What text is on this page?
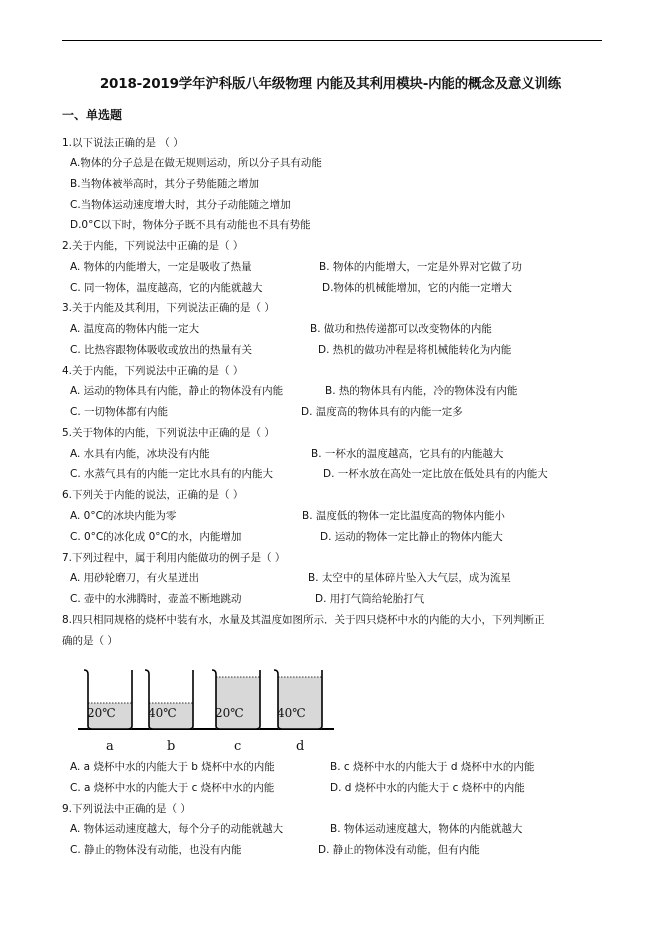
2018-2019学年沪科版八年级物理 内能及其利用模块-内能的概念及意义训练
一、单选题
1.以下说法正确的是 （ ）
A.物体的分子总是在做无规则运动，所以分子具有动能
B.当物体被举高时，其分子势能随之增加
C.当物体运动速度增大时，其分子动能随之增加
D.0°C以下时，物体分子既不具有动能也不具有势能
2.关于内能，下列说法中正确的是（ ）
A. 物体的内能增大，一定是吸收了热量	B. 物体的内能增大，一定是外界对它做了功
C. 同一物体，温度越高，它的内能就越大	D.物体的机械能增加，它的内能一定增大
3.关于内能及其利用，下列说法正确的是（ ）
A. 温度高的物体内能一定大	B. 做功和热传递都可以改变物体的内能
C. 比热容跟物体吸收或放出的热量有关	D. 热机的做功冲程是将机械能转化为内能
4.关于内能，下列说法中正确的是（ ）
A. 运动的物体具有内能，静止的物体没有内能	B. 热的物体具有内能，冷的物体没有内能
C. 一切物体都有内能	D. 温度高的物体具有的内能一定多
5.关于物体的内能，下列说法中正确的是（ ）
A. 水具有内能，冰块没有内能	B. 一杯水的温度越高，它具有的内能越大
C. 水蒸气具有的内能一定比水具有的内能大	D. 一杯水放在高处一定比放在低处具有的内能大
6.下列关于内能的说法，正确的是（ ）
A. 0°C的冰块内能为零	B. 温度低的物体一定比温度高的物体内能小
C. 0°C的冰化成 0°C的水，内能增加	D. 运动的物体一定比静止的物体内能大
7.下列过程中，属于利用内能做功的例子是（ ）
A. 用砂轮磨刀，有火星迸出	B. 太空中的星体碎片坠入大气层，成为流星
C. 壶中的水沸腾时，壶盖不断地跳动	D. 用打气筒给轮胎打气
8.四只相同规格的烧杯中装有水，水量及其温度如图所示．关于四只烧杯中水的内能的大小，下列判断正
确的是（ ）
20℃	40℃	20℃	40℃
a	b	c	d
A. a 烧杯中水的内能大于 b 烧杯中水的内能	B. c 烧杯中水的内能大于 d 烧杯中水的内能
C. a 烧杯中水的内能大于 c 烧杯中水的内能	D. d 烧杯中水的内能大于 c 烧杯中的内能
9.下列说法中正确的是（ ）
A. 物体运动速度越大，每个分子的动能就越大	B. 物体运动速度越大，物体的内能就越大
C. 静止的物体没有动能，也没有内能	D. 静止的物体没有动能，但有内能
